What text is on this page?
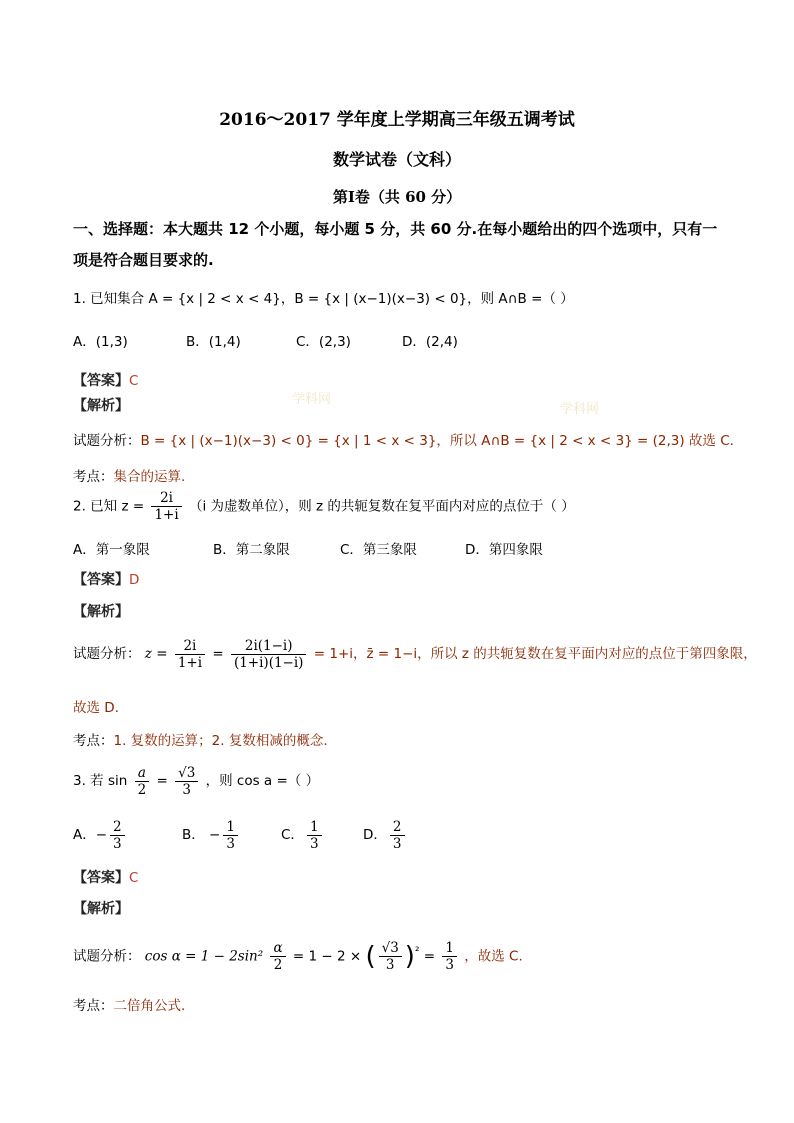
2016～2017 学年度上学期高三年级五调考试
数学试卷（文科）
第Ⅰ卷（共 60 分）
一、选择题：本大题共 12 个小题，每小题 5 分，共 60 分.在每小题给出的四个选项中，只有一
项是符合题目要求的.
1. 已知集合 A = {x | 2 < x < 4}，B = {x | (x−1)(x−3) < 0}，则 A∩B =（ ）
A．(1,3)	B．(1,4)	C．(2,3)	D．(2,4)
【答案】C
【解析】	学科网
学科网
试题分析：B = {x | (x−1)(x−3) < 0} = {x | 1 < x < 3}，所以 A∩B = {x | 2 < x < 3} = (2,3) 故选 C.
考点：集合的运算.
2. 已知 $z = \frac{2i}{1+i} (i$ 为虚数单位），则 z 的共轭复数在复平面内对应的点位于（ ）
A．第一象限	B．第二象限	C．第三象限	D．第四象限
【答案】D
【解析】
试题分析： $z = \frac{2i}{1+i} = \frac{2i(1-i)}{(1+i)(1-i)} = 1+i$，z̄ = 1−i，所以 z 的共轭复数在复平面内对应的点位于第四象限，
故选 D.
考点：1. 复数的运算；2. 复数相减的概念.
3. 若 $\sin \frac{a}{2} = \frac{√3}{3}$ ，则 cos a =（ ）
A．− $\frac{2}{3}$	B． − $\frac{1}{3}$	C． $\frac{1}{3}$	D． $\frac{2}{3}$
【答案】C
【解析】
试题分析： $\cos \alpha = 1 - 2\sin^2 \frac{\alpha}{2} = 1 - 2$ × ( $\frac{√3}{3} )^{^2} = \frac{1}{3}$ ，故选 C.
考点：二倍角公式.
